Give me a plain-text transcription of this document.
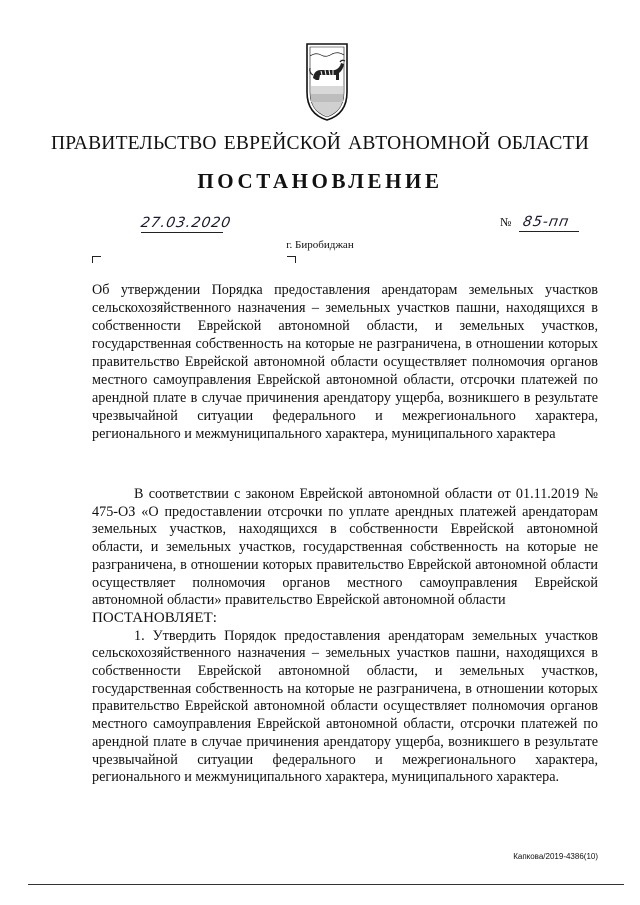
ПРАВИТЕЛЬСТВО ЕВРЕЙСКОЙ АВТОНОМНОЙ ОБЛАСТИ
ПОСТАНОВЛЕНИЕ
27.03.2020	№ 85-пп
г. Биробиджан

Об утверждении Порядка предоставления арендаторам земельных участков сельскохозяйственного назначения – земельных участков пашни, находящихся в собственности Еврейской автономной области, и земельных участков, государственная собственность на которые не разграничена, в отношении которых правительство Еврейской автономной области осуществляет полномочия органов местного самоуправления Еврейской автономной области, отсрочки платежей по арендной плате в случае причинения арендатору ущерба, возникшего в результате чрезвычайной ситуации федерального и межрегионального характера, регионального и межмуниципального характера, муниципального характера

В соответствии с законом Еврейской автономной области от 01.11.2019 № 475-ОЗ «О предоставлении отсрочки по уплате арендных платежей арендаторам земельных участков, находящихся в собственности Еврейской автономной области, и земельных участков, государственная собственность на которые не разграничена, в отношении которых правительство Еврейской автономной области осуществляет полномочия органов местного самоуправления Еврейской автономной области» правительство Еврейской автономной области

ПОСТАНОВЛЯЕТ:

1. Утвердить Порядок предоставления арендаторам земельных участков сельскохозяйственного назначения – земельных участков пашни, находящихся в собственности Еврейской автономной области, и земельных участков, государственная собственность на которые не разграничена, в отношении которых правительство Еврейской автономной области осуществляет полномочия органов местного самоуправления Еврейской автономной области, отсрочки платежей по арендной плате в случае причинения арендатору ущерба, возникшего в результате чрезвычайной ситуации федерального и межрегионального характера, регионального и межмуниципального характера, муниципального характера.

Капкова/2019-4386(10)
